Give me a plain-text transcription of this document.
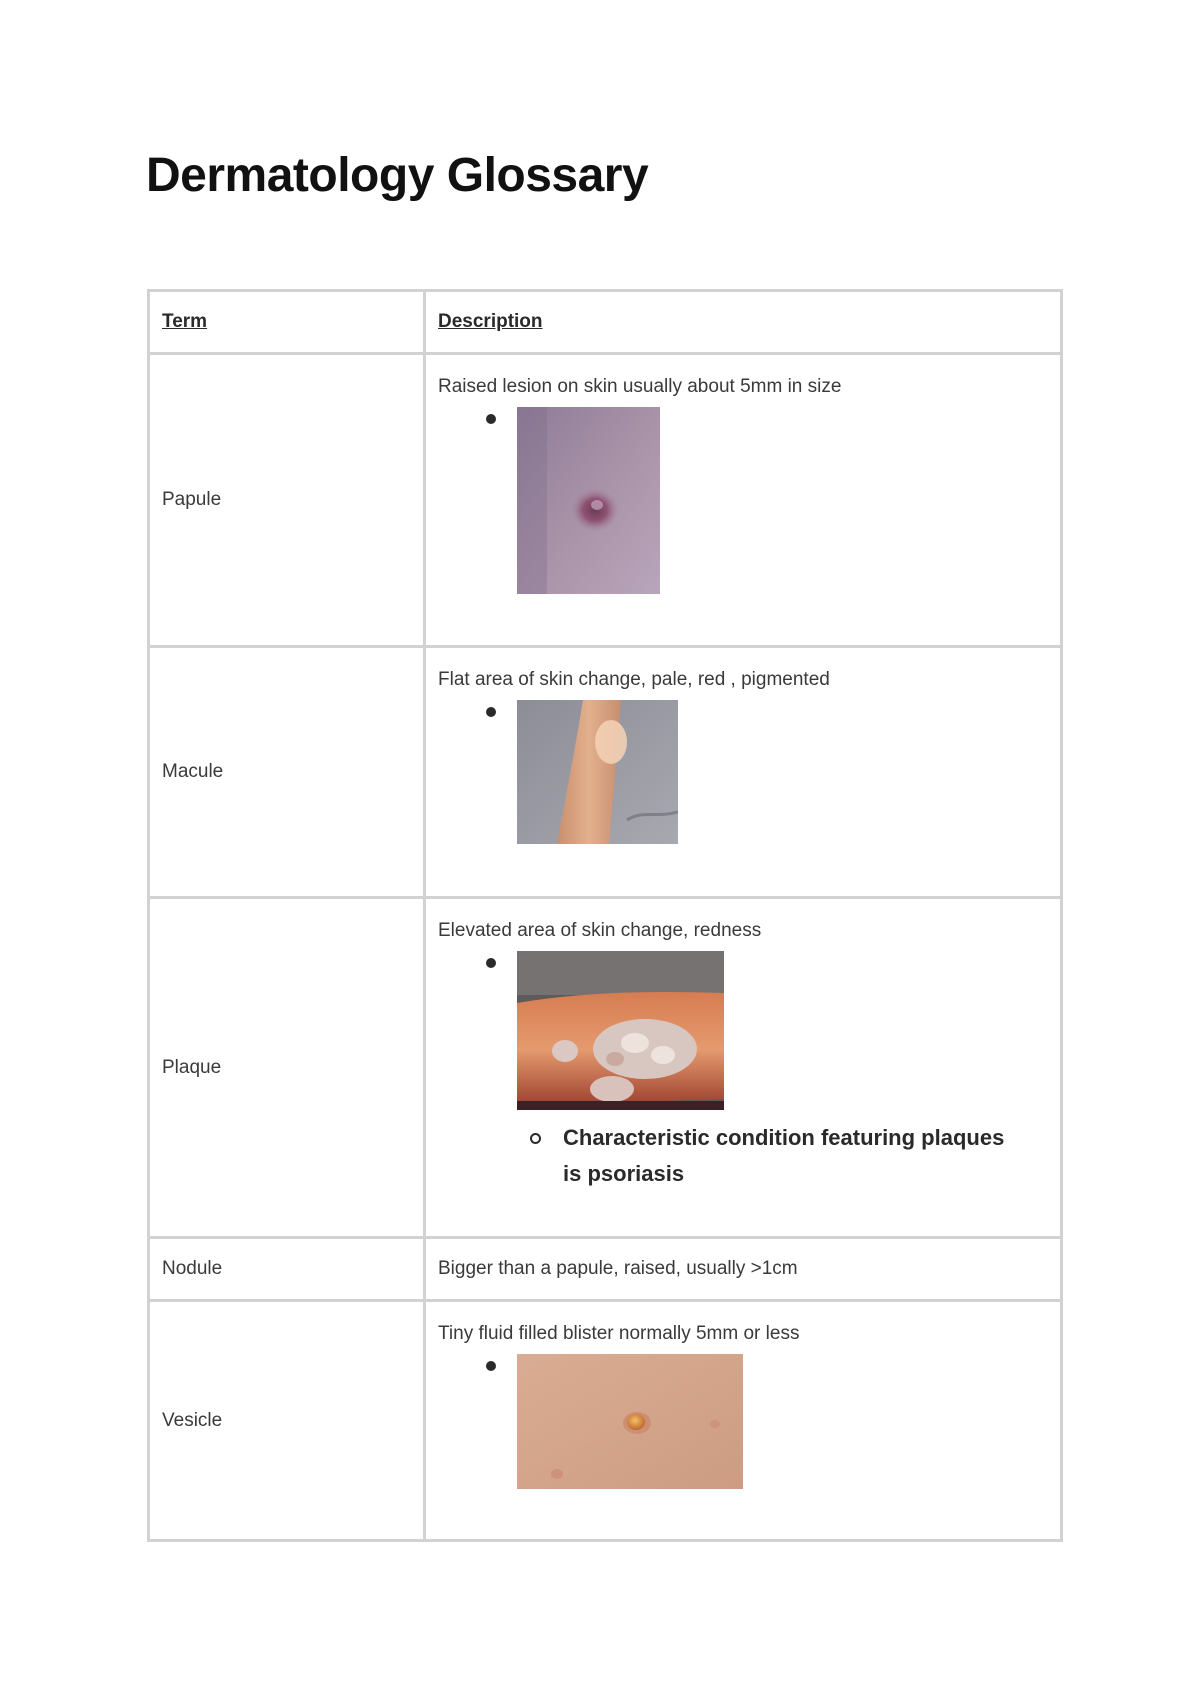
Dermatology Glossary
Term	Description
Papule	Raised lesion on skin usually about 5mm in size

Macule	Flat area of skin change, pale, red , pigmented

Plaque	Elevated area of skin change, redness
Characteristic condition featuring plaques is psoriasis

Nodule	Bigger than a papule, raised, usually >1cm
Vesicle	Tiny fluid filled blister normally 5mm or less
